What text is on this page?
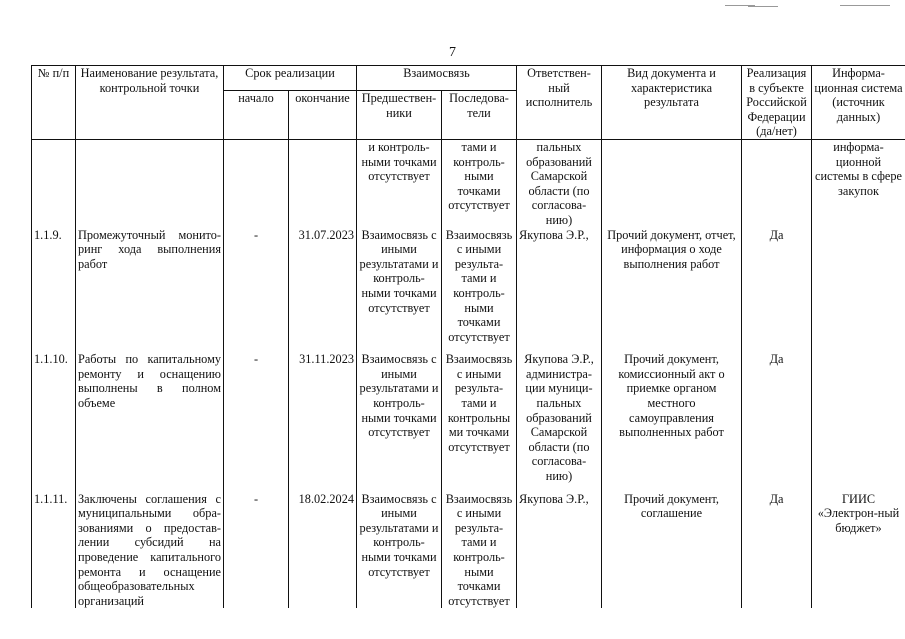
7
№ п/п	Наименование результата, контрольной точки	Срок реализации		Взаимосвязь		Ответствен-ный исполнитель	Вид документа и характеристика результата	Реализация в субъекте Российской Федерации (да/нет)	Информа-ционная система (источник данных)
		начало	окончание	Предшествен-ники	Последова-тели				
				и контроль-ными точками отсутствует	тами и контроль-ными точками отсутствует	пальных образований Самарской области (по согласова-нию)			информа-ционной системы в сфере закупок
1.1.9.	Промежуточный монито-ринг хода выполнения работ	-	31.07.2023	Взаимосвязь с иными результатами и контроль-ными точками отсутствует	Взаимосвязь с иными результа-тами и контроль-ными точками отсутствует	Якупова Э.Р.,	Прочий документ, отчет, информация о ходе выполнения работ	Да	
1.1.10.	Работы по капитальному ремонту и оснащению выполнены в полном объеме	-	31.11.2023	Взаимосвязь с иными результатами и контроль-ными точками отсутствует	Взаимосвязь с иными результа-тами и контрольны ми точками отсутствует	Якупова Э.Р., администра-ции муници-пальных образований Самарской области (по согласова-нию)	Прочий документ, комиссионный акт о приемке органом местного самоуправления выполненных работ	Да	
1.1.11.	Заключены соглашения с муниципальными обра-зованиями о предостав-лении субсидий на проведение капитального ремонта и оснащение общеобразовательных организаций	-	18.02.2024	Взаимосвязь с иными результатами и контроль-ными точками отсутствует	Взаимосвязь с иными результа-тами и контроль-ными точками отсутствует	Якупова Э.Р.,	Прочий документ, соглашение	Да	ГИИС «Электрон-ный бюджет»
